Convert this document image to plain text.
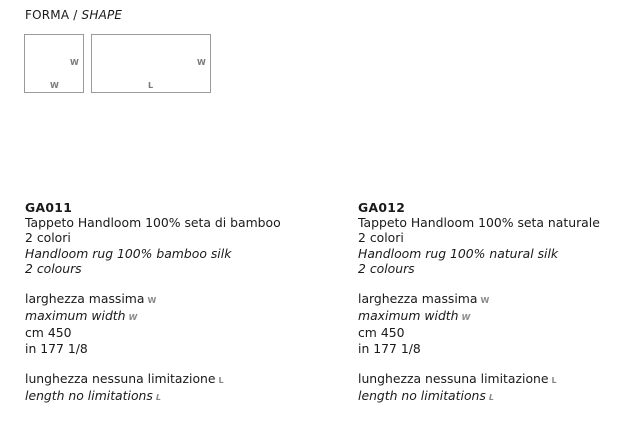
FORMA / SHAPE
W
W
W
L
GA011
Tappeto Handloom 100% seta di bamboo
2 colori
Handloom rug 100% bamboo silk
2 colours
larghezza massima W
maximum width W
cm 450
in 177 1/8
lunghezza nessuna limitazione L
length no limitations L
GA012
Tappeto Handloom 100% seta naturale
2 colori
Handloom rug 100% natural silk
2 colours
larghezza massima W
maximum width W
cm 450
in 177 1/8
lunghezza nessuna limitazione L
length no limitations L
